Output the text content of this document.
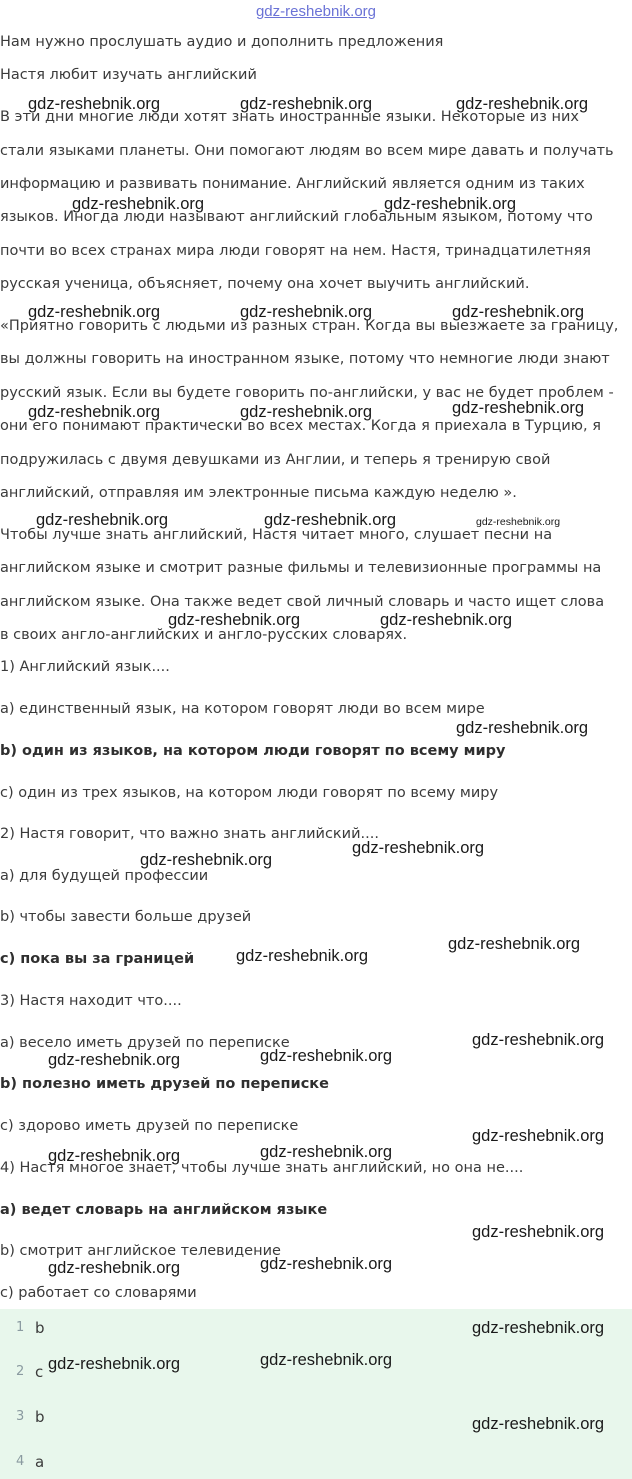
gdz-reshebnik.org

Нам нужно прослушать аудио и дополнить предложения

Настя любит изучать английский

В эти дни многие люди хотят знать иностранные языки. Некоторые из них

стали языками планеты. Они помогают людям во всем мире давать и получать

информацию и развивать понимание. Английский является одним из таких

языков. Иногда люди называют английский глобальным языком, потому что

почти во всех странах мира люди говорят на нем. Настя, тринадцатилетняя

русская ученица, объясняет, почему она хочет выучить английский.

«Приятно говорить с людьми из разных стран. Когда вы выезжаете за границу,

вы должны говорить на иностранном языке, потому что немногие люди знают

русский язык. Если вы будете говорить по-английски, у вас не будет проблем -

они его понимают практически во всех местах. Когда я приехала в Турцию, я

подружилась с двумя девушками из Англии, и теперь я тренирую свой

английский, отправляя им электронные письма каждую неделю ».

Чтобы лучше знать английский, Настя читает много, слушает песни на

английском языке и смотрит разные фильмы и телевизионные программы на

английском языке. Она также ведет свой личный словарь и часто ищет слова

в своих англо-английских и англо-русских словарях.

1) Английский язык....

a) единственный язык, на котором говорят люди во всем мире

b) один из языков, на котором люди говорят по всему миру

c) один из трех языков, на котором люди говорят по всему миру

2) Настя говорит, что важно знать английский....

a) для будущей профессии

b) чтобы завести больше друзей

c) пока вы за границей

3) Настя находит что....

a) весело иметь друзей по переписке

b) полезно иметь друзей по переписке

c) здорово иметь друзей по переписке

4) Настя многое знает, чтобы лучше знать английский, но она не....

a) ведет словарь на английском языке

b) смотрит английское телевидение

c) работает со словарями

1 b
2 c
3 b
4 a
gdz-reshebnik.org	gdz-reshebnik.org	gdz-reshebnik.org
gdz-reshebnik.org	gdz-reshebnik.org
gdz-reshebnik.org	gdz-reshebnik.org	gdz-reshebnik.org
gdz-reshebnik.org	gdz-reshebnik.org	gdz-reshebnik.org
gdz-reshebnik.org	gdz-reshebnik.org	gdz-reshebnik.org
gdz-reshebnik.org	gdz-reshebnik.org
gdz-reshebnik.org
gdz-reshebnik.org
gdz-reshebnik.org
gdz-reshebnik.org
gdz-reshebnik.org
gdz-reshebnik.org
gdz-reshebnik.org
gdz-reshebnik.org
gdz-reshebnik.org
gdz-reshebnik.org
gdz-reshebnik.org
gdz-reshebnik.org
gdz-reshebnik.org
gdz-reshebnik.org
gdz-reshebnik.org
gdz-reshebnik.org
gdz-reshebnik.org
gdz-reshebnik.org
